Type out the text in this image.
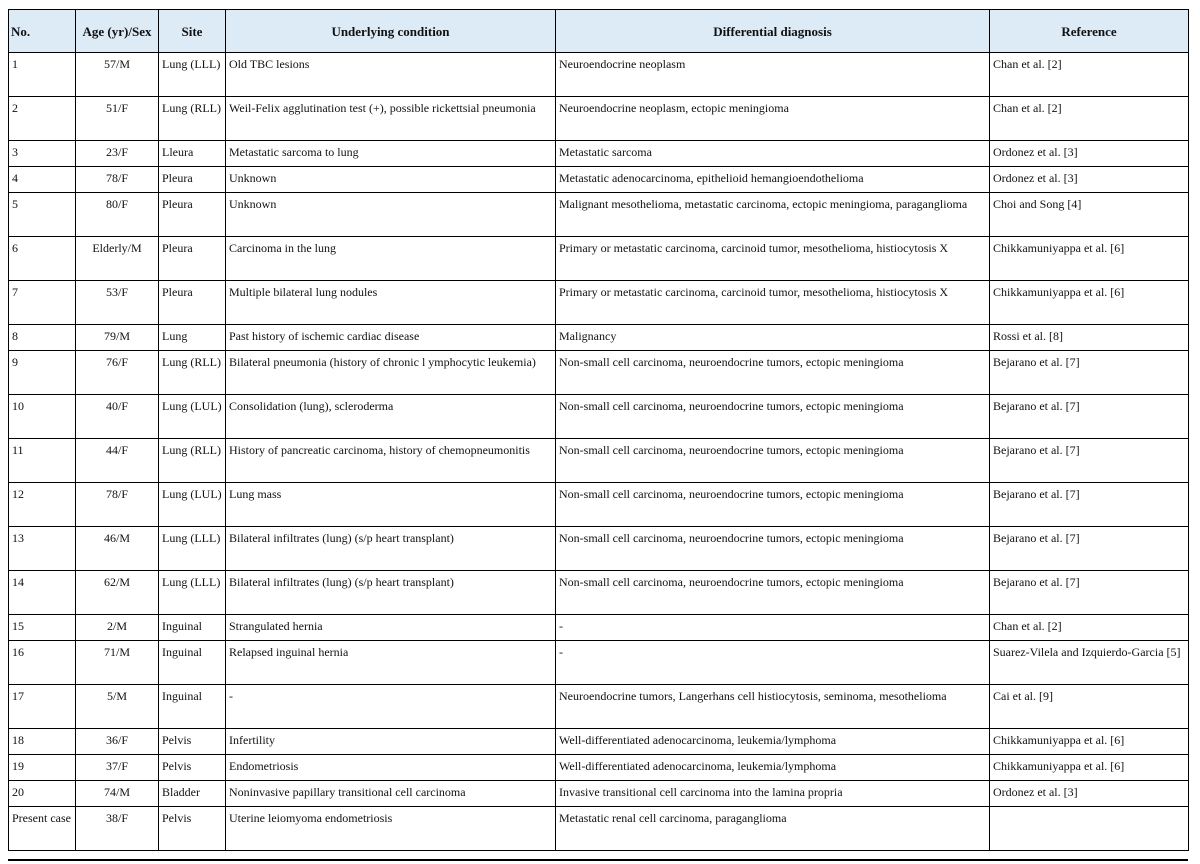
No.	Age (yr)/Sex	Site	Underlying condition	Differential diagnosis	Reference
1	57/M	Lung (LLL)	Old TBC lesions	Neuroendocrine neoplasm	Chan et al. [2]
2	51/F	Lung (RLL)	Weil-Felix agglutination test (+), possible rickettsial pneumonia	Neuroendocrine neoplasm, ectopic meningioma	Chan et al. [2]
3	23/F	Lleura	Metastatic sarcoma to lung	Metastatic sarcoma	Ordonez et al. [3]
4	78/F	Pleura	Unknown	Metastatic adenocarcinoma, epithelioid hemangioendothelioma	Ordonez et al. [3]
5	80/F	Pleura	Unknown	Malignant mesothelioma, metastatic carcinoma, ectopic meningioma, paraganglioma	Choi and Song [4]
6	Elderly/M	Pleura	Carcinoma in the lung	Primary or metastatic carcinoma, carcinoid tumor, mesothelioma, histiocytosis X	Chikkamuniyappa et al. [6]
7	53/F	Pleura	Multiple bilateral lung nodules	Primary or metastatic carcinoma, carcinoid tumor, mesothelioma, histiocytosis X	Chikkamuniyappa et al. [6]
8	79/M	Lung	Past history of ischemic cardiac disease	Malignancy	Rossi et al. [8]
9	76/F	Lung (RLL)	Bilateral pneumonia (history of chronic l ymphocytic leukemia)	Non-small cell carcinoma, neuroendocrine tumors, ectopic meningioma	Bejarano et al. [7]
10	40/F	Lung (LUL)	Consolidation (lung), scleroderma	Non-small cell carcinoma, neuroendocrine tumors, ectopic meningioma	Bejarano et al. [7]
11	44/F	Lung (RLL)	History of pancreatic carcinoma, history of chemopneumonitis	Non-small cell carcinoma, neuroendocrine tumors, ectopic meningioma	Bejarano et al. [7]
12	78/F	Lung (LUL)	Lung mass	Non-small cell carcinoma, neuroendocrine tumors, ectopic meningioma	Bejarano et al. [7]
13	46/M	Lung (LLL)	Bilateral infiltrates (lung) (s/p heart transplant)	Non-small cell carcinoma, neuroendocrine tumors, ectopic meningioma	Bejarano et al. [7]
14	62/M	Lung (LLL)	Bilateral infiltrates (lung) (s/p heart transplant)	Non-small cell carcinoma, neuroendocrine tumors, ectopic meningioma	Bejarano et al. [7]
15	2/M	Inguinal	Strangulated hernia	-	Chan et al. [2]
16	71/M	Inguinal	Relapsed inguinal hernia	-	Suarez-Vilela and Izquierdo-Garcia [5]
17	5/M	Inguinal	-	Neuroendocrine tumors, Langerhans cell histiocytosis, seminoma, mesothelioma	Cai et al. [9]
18	36/F	Pelvis	Infertility	Well-differentiated adenocarcinoma, leukemia/lymphoma	Chikkamuniyappa et al. [6]
19	37/F	Pelvis	Endometriosis	Well-differentiated adenocarcinoma, leukemia/lymphoma	Chikkamuniyappa et al. [6]
20	74/M	Bladder	Noninvasive papillary transitional cell carcinoma	Invasive transitional cell carcinoma into the lamina propria	Ordonez et al. [3]
Present case	38/F	Pelvis	Uterine leiomyoma endometriosis	Metastatic renal cell carcinoma, paraganglioma	
